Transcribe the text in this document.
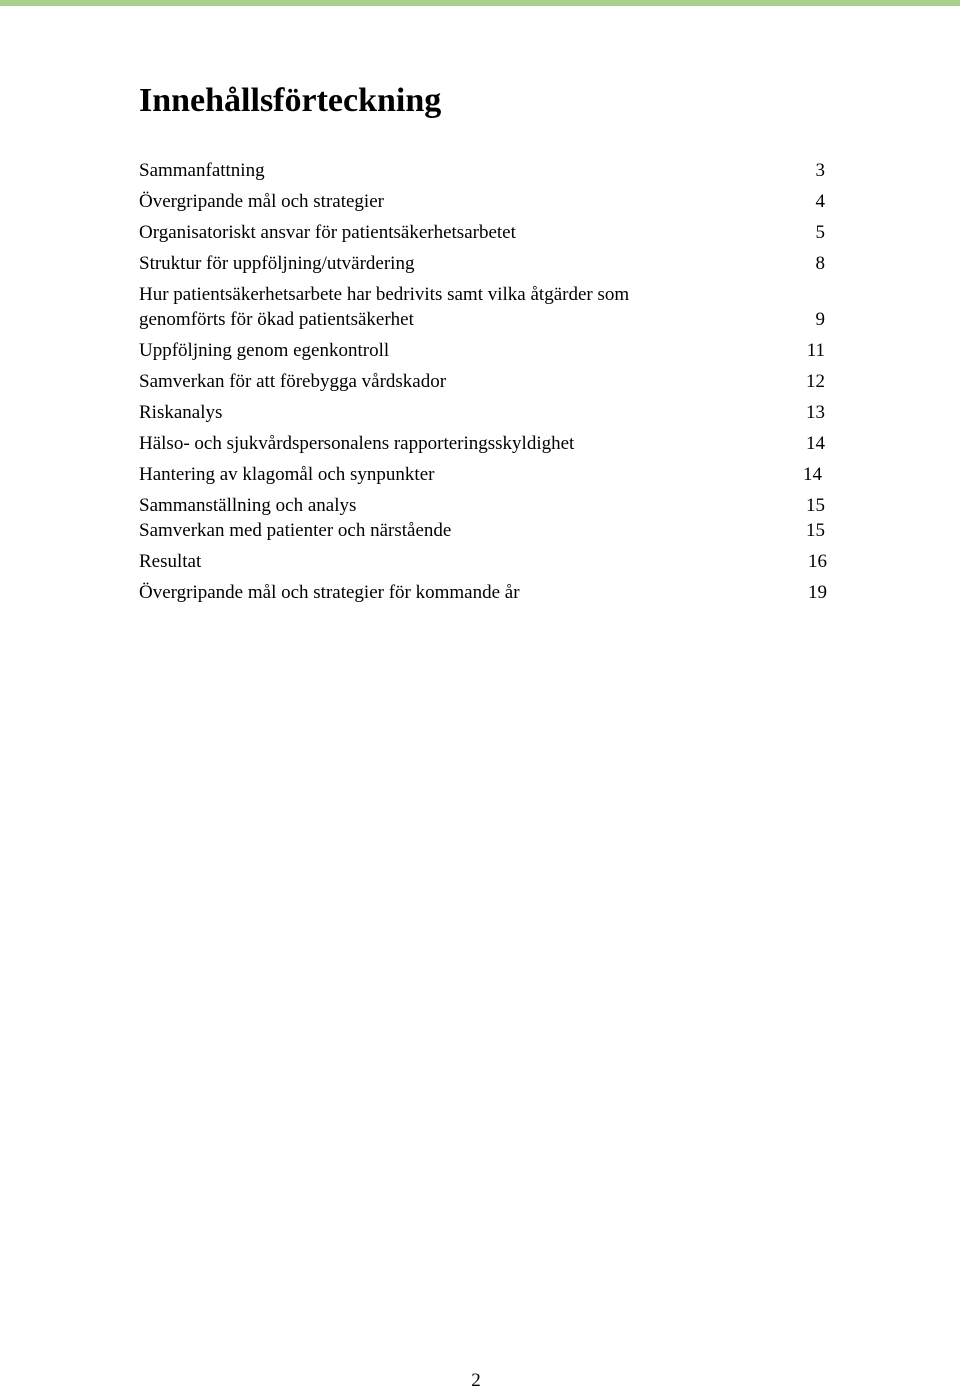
Innehållsförteckning
Sammanfattning	3
Övergripande mål och strategier	4
Organisatoriskt ansvar för patientsäkerhetsarbetet	5
Struktur för uppföljning/utvärdering	8
Hur patientsäkerhetsarbete har bedrivits samt vilka åtgärder som
genomförts för ökad patientsäkerhet	9
Uppföljning genom egenkontroll	11
Samverkan för att förebygga vårdskador	12
Riskanalys	13
Hälso- och sjukvårdspersonalens rapporteringsskyldighet	14
Hantering av klagomål och synpunkter	14
Sammanställning och analys	15
Samverkan med patienter och närstående	15
Resultat	16
Övergripande mål och strategier för kommande år	19
2
